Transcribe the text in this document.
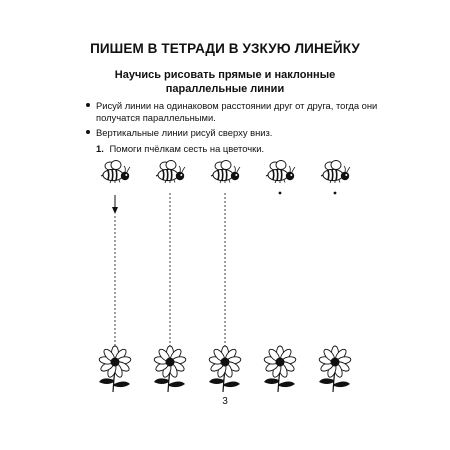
ПИШЕМ В ТЕТРАДИ В УЗКУЮ ЛИНЕЙКУ
Научись рисовать прямые и наклонные
параллельные линии
Рисуй линии на одинаковом расстоянии друг от друга, тогда они получатся параллельными.
Вертикальные линии рисуй сверху вниз.
1. Помоги пчёлкам сесть на цветочки.
3
